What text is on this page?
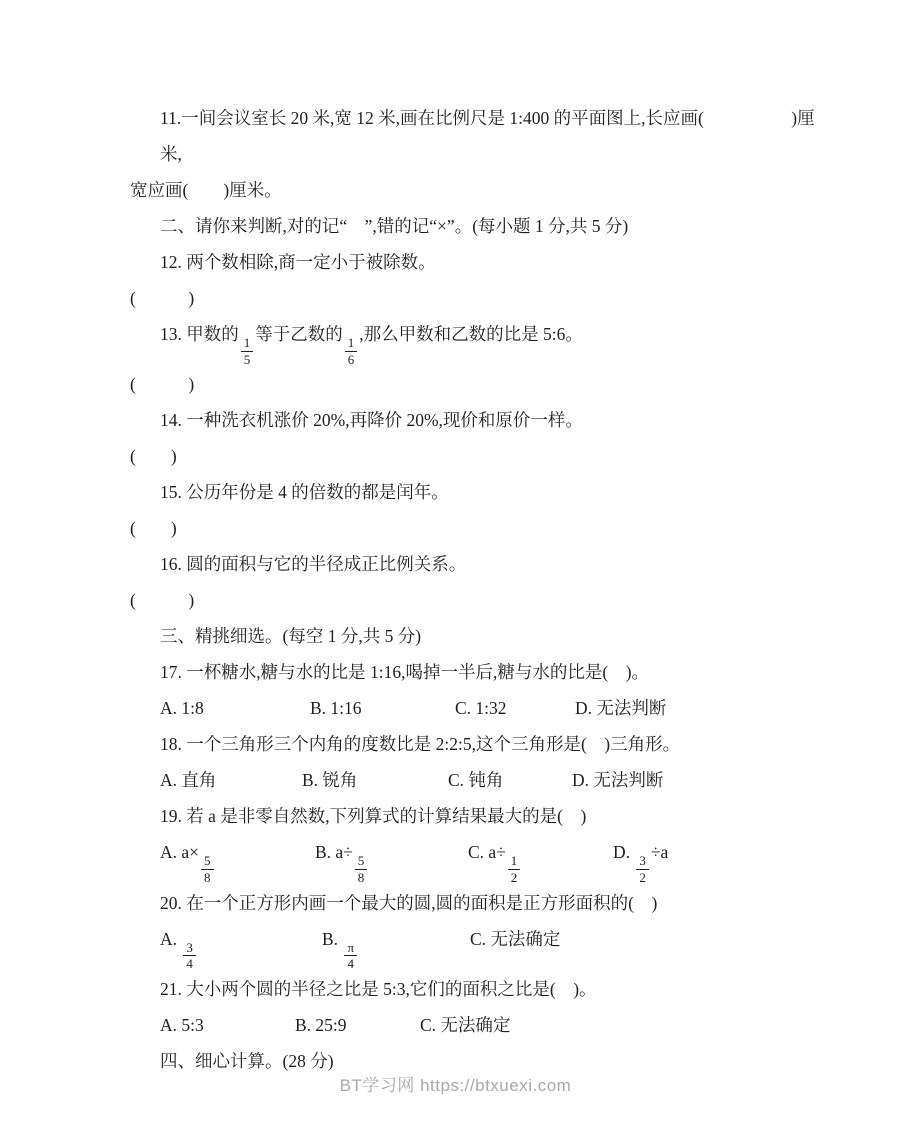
11.一间会议室长 20 米,宽 12 米,画在比例尺是 1:400 的平面图上,长应画(　　　　　)厘米,
宽应画(　　)厘米。
二、请你来判断,对的记“　”,错的记“×”。(每小题 1 分,共 5 分)
12. 两个数相除,商一定小于被除数。
(　　　)
13. 甲数的
$\frac{1}{5}$
等于乙数的
$\frac{1}{6}$
,那么甲数和乙数的比是 5:6。
(　　　)
14. 一种洗衣机涨价 20%,再降价 20%,现价和原价一样。
(　　)
15. 公历年份是 4 的倍数的都是闰年。
(　　)
16. 圆的面积与它的半径成正比例关系。
(　　　)
三、精挑细选。(每空 1 分,共 5 分)
17. 一杯糖水,糖与水的比是 1:16,喝掉一半后,糖与水的比是(　)。
A. 1:8	B. 1:16	C. 1:32	D. 无法判断
18. 一个三角形三个内角的度数比是 2:2:5,这个三角形是(　)三角形。
A. 直角	B. 锐角	C. 钝角	D. 无法判断
19. 若 a 是非零自然数,下列算式的计算结果最大的是(　)
A. a×
$\frac{5}{8}$
B. a÷
$\frac{5}{8}$
C. a÷
$\frac{1}{2}$
D.
$\frac{3}{2}$
÷a
20. 在一个正方形内画一个最大的圆,圆的面积是正方形面积的(　)
A.
$\frac{3}{4}$
B.
$\frac{\pi}{4}$
C. 无法确定
21. 大小两个圆的半径之比是 5:3,它们的面积之比是(　)。
A. 5:3	B. 25:9	C. 无法确定
四、细心计算。(28 分)
BT学习网 https://btxuexi.com
